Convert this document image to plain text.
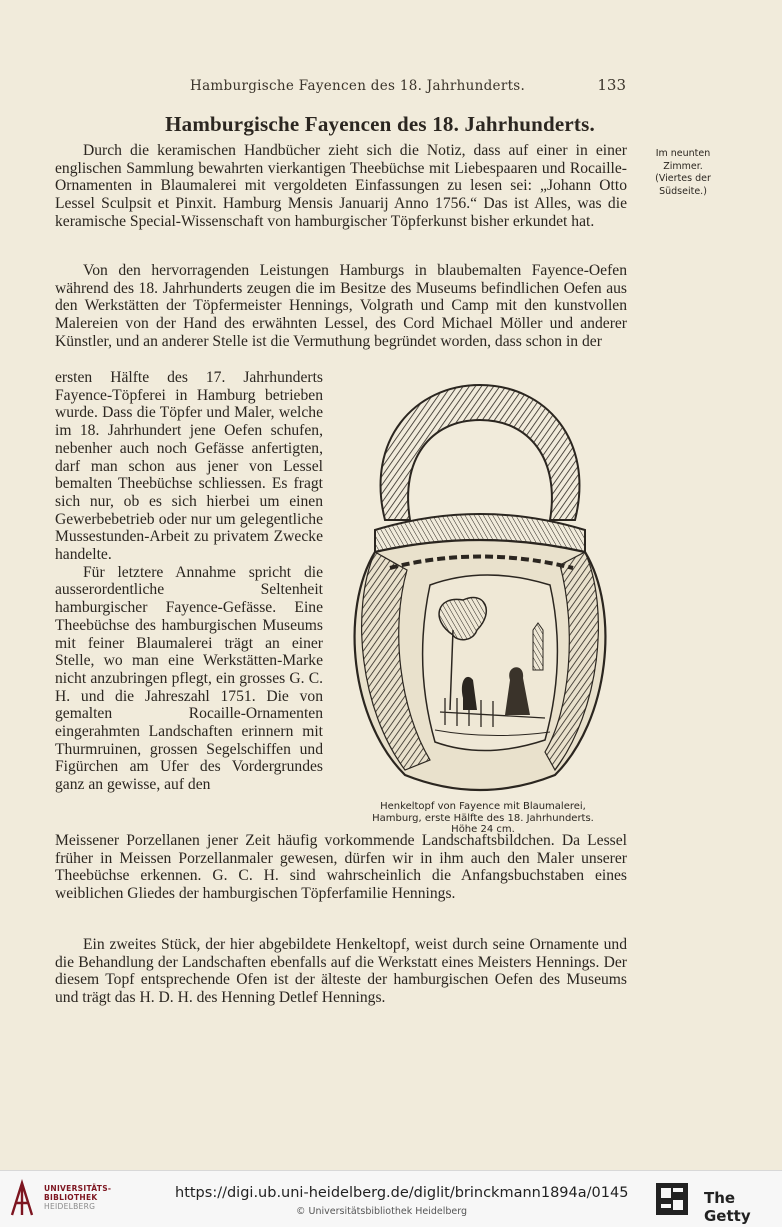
Hamburgische Fayencen des 18. Jahrhunderts.	133
Hamburgische Fayencen des 18. Jahrhunderts.
Im neunten
Zimmer.
(Viertes der
Südseite.)

Durch die keramischen Handbücher zieht sich die Notiz, dass auf einer in einer englischen Sammlung bewahrten vierkantigen Theebüchse mit Liebespaaren und Rocaille-Ornamenten in Blaumalerei mit vergoldeten Einfassungen zu lesen sei: „Johann Otto Lessel Sculpsit et Pinxit. Hamburg Mensis Januarij Anno 1756.“ Das ist Alles, was die keramische Special-Wissenschaft von hamburgischer Töpferkunst bisher erkundet hat.

Von den hervorragenden Leistungen Hamburgs in blaubemalten Fayence-Oefen während des 18. Jahrhunderts zeugen die im Besitze des Museums befindlichen Oefen aus den Werkstätten der Töpfermeister Hennings, Volgrath und Camp mit den kunstvollen Malereien von der Hand des erwähnten Lessel, des Cord Michael Möller und anderer Künstler, und an anderer Stelle ist die Vermuthung begründet worden, dass schon in der

ersten Hälfte des 17. Jahrhunderts Fayence-Töpferei in Hamburg betrieben wurde. Dass die Töpfer und Maler, welche im 18. Jahrhundert jene Oefen schufen, nebenher auch noch Gefässe anfertigten, darf man schon aus jener von Lessel bemalten Theebüchse schliessen. Es fragt sich nur, ob es sich hierbei um einen Gewerbebetrieb oder nur um gelegentliche Mussestunden-Arbeit zu privatem Zwecke handelte.

Für letztere Annahme spricht die ausserordentliche Seltenheit hamburgischer Fayence-Gefässe. Eine Theebüchse des hamburgischen Museums mit feiner Blaumalerei trägt an einer Stelle, wo man eine Werkstätten-Marke nicht anzubringen pflegt, ein grosses G. C. H. und die Jahreszahl 1751. Die von gemalten Rocaille-Ornamenten eingerahmten Landschaften erinnern mit Thurmruinen, grossen Segelschiffen und Figürchen am Ufer des Vordergrundes ganz an gewisse, auf den

Meissener Porzellanen jener Zeit häufig vorkommende Landschaftsbildchen. Da Lessel früher in Meissen Porzellanmaler gewesen, dürfen wir in ihm auch den Maler unserer Theebüchse erkennen. G. C. H. sind wahrscheinlich die Anfangsbuchstaben eines weiblichen Gliedes der hamburgischen Töpferfamilie Hennings.

Ein zweites Stück, der hier abgebildete Henkeltopf, weist durch seine Ornamente und die Behandlung der Landschaften ebenfalls auf die Werkstatt eines Meisters Hennings. Der diesem Topf entsprechende Ofen ist der älteste der hamburgischen Oefen des Museums und trägt das H. D. H. des Henning Detlef Hennings.

Henkeltopf von Fayence mit Blaumalerei,
Hamburg, erste Hälfte des 18. Jahrhunderts.
Höhe 24 cm.
UNIVERSITÄTS-
BIBLIOTHEK
HEIDELBERG
https://digi.ub.uni-heidelberg.de/diglit/brinckmann1894a/0145
© Universitätsbibliothek Heidelberg
The Getty
